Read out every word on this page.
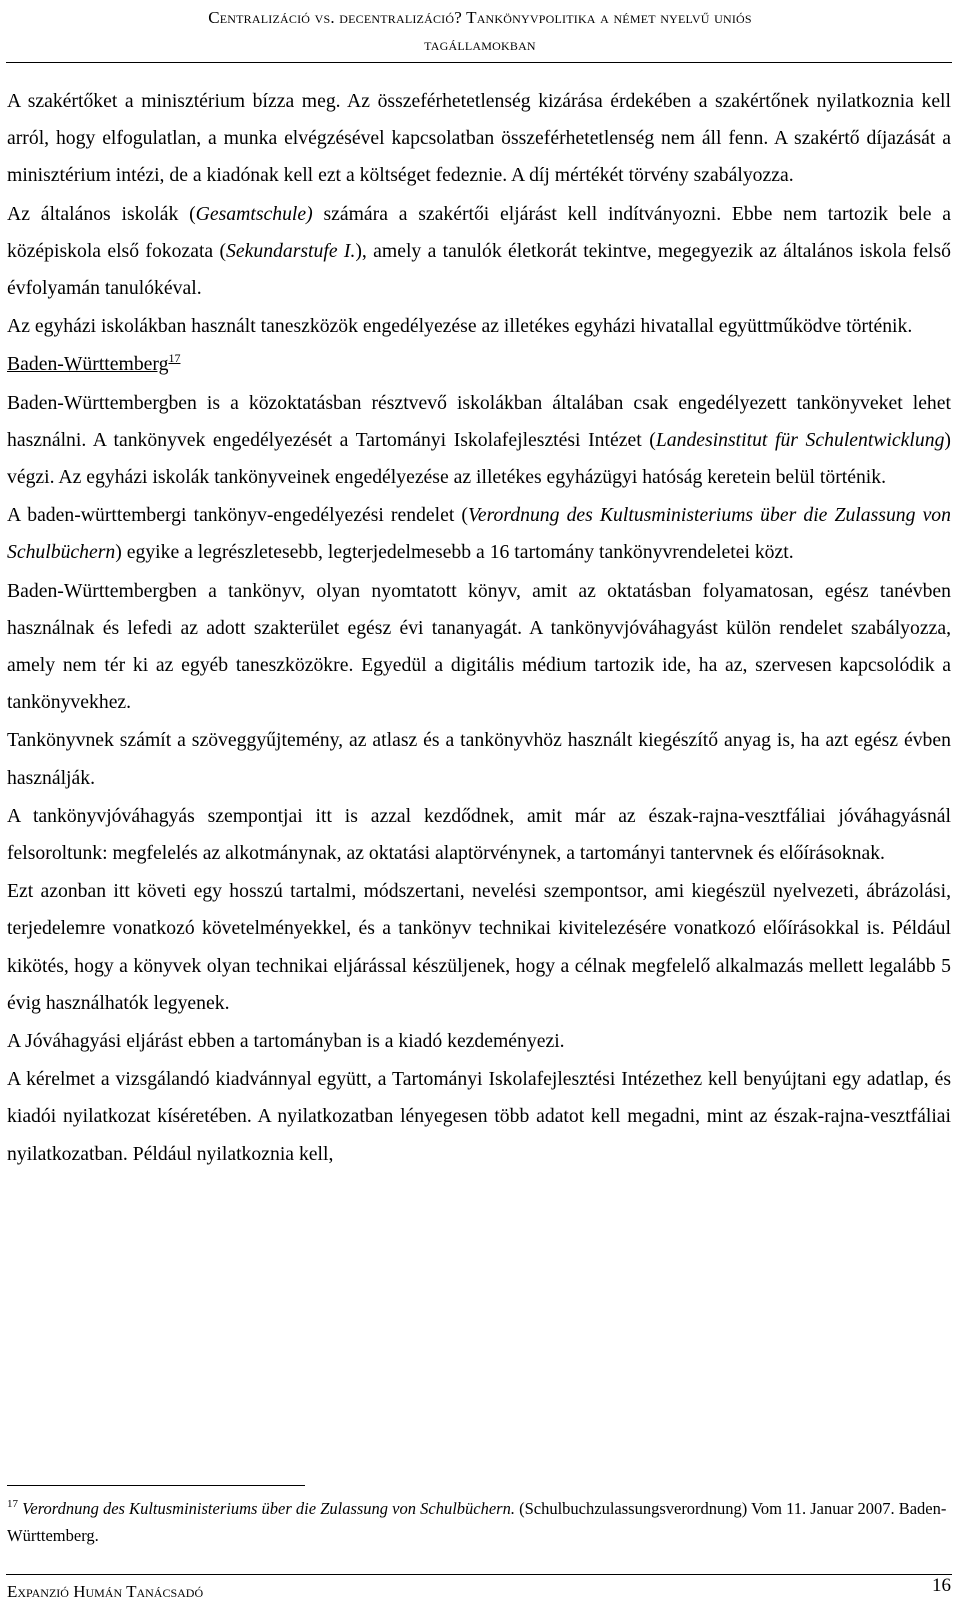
Centralizáció vs. decentralizáció? Tankönyvpolitika a német nyelvű uniós
tagállamokban

A szakértőket a minisztérium bízza meg. Az összeférhetetlenség kizárása érdekében a szakértőnek nyilatkoznia kell arról, hogy elfogulatlan, a munka elvégzésével kapcsolatban összeférhetetlenség nem áll fenn. A szakértő díjazását a minisztérium intézi, de a kiadónak kell ezt a költséget fedeznie. A díj mértékét törvény szabályozza.

Az általános iskolák (Gesamtschule) számára a szakértői eljárást kell indítványozni. Ebbe nem tartozik bele a középiskola első fokozata (Sekundarstufe I.), amely a tanulók életkorát tekintve, megegyezik az általános iskola felső évfolyamán tanulókéval.

Az egyházi iskolákban használt taneszközök engedélyezése az illetékes egyházi hivatallal együttműködve történik.

Baden-Württemberg$^{17}$

Baden-Württembergben is a közoktatásban résztvevő iskolákban általában csak engedélyezett tankönyveket lehet használni. A tankönyvek engedélyezését a Tartományi Iskolafejlesztési Intézet (Landesinstitut für Schulentwicklung) végzi. Az egyházi iskolák tankönyveinek engedélyezése az illetékes egyházügyi hatóság keretein belül történik.

A baden-württembergi tankönyv-engedélyezési rendelet (Verordnung des Kultusministeriums über die Zulassung von Schulbüchern) egyike a legrészletesebb, legterjedelmesebb a 16 tartomány tankönyvrendeletei közt.

Baden-Württembergben a tankönyv, olyan nyomtatott könyv, amit az oktatásban folyamatosan, egész tanévben használnak és lefedi az adott szakterület egész évi tananyagát. A tankönyvjóváhagyást külön rendelet szabályozza, amely nem tér ki az egyéb taneszközökre. Egyedül a digitális médium tartozik ide, ha az, szervesen kapcsolódik a tankönyvekhez.

Tankönyvnek számít a szöveggyűjtemény, az atlasz és a tankönyvhöz használt kiegészítő anyag is, ha azt egész évben használják.

A tankönyvjóváhagyás szempontjai itt is azzal kezdődnek, amit már az észak-rajna-vesztfáliai jóváhagyásnál felsoroltunk: megfelelés az alkotmánynak, az oktatási alaptörvénynek, a tartományi tantervnek és előírásoknak.

Ezt azonban itt követi egy hosszú tartalmi, módszertani, nevelési szempontsor, ami kiegészül nyelvezeti, ábrázolási, terjedelemre vonatkozó követelményekkel, és a tankönyv technikai kivitelezésére vonatkozó előírásokkal is. Például kikötés, hogy a könyvek olyan technikai eljárással készüljenek, hogy a célnak megfelelő alkalmazás mellett legalább 5 évig használhatók legyenek.

A Jóváhagyási eljárást ebben a tartományban is a kiadó kezdeményezi.

A kérelmet a vizsgálandó kiadvánnyal együtt, a Tartományi Iskolafejlesztési Intézethez kell benyújtani egy adatlap, és kiadói nyilatkozat kíséretében. A nyilatkozatban lényegesen több adatot kell megadni, mint az észak-rajna-vesztfáliai nyilatkozatban. Például nyilatkoznia kell,

$^{17}$ Verordnung des Kultusministeriums über die Zulassung von Schulbüchern. (Schulbuchzulassungsverordnung) Vom 11. Januar 2007. Baden-Württemberg.
Expanzió Humán Tanácsadó	16
